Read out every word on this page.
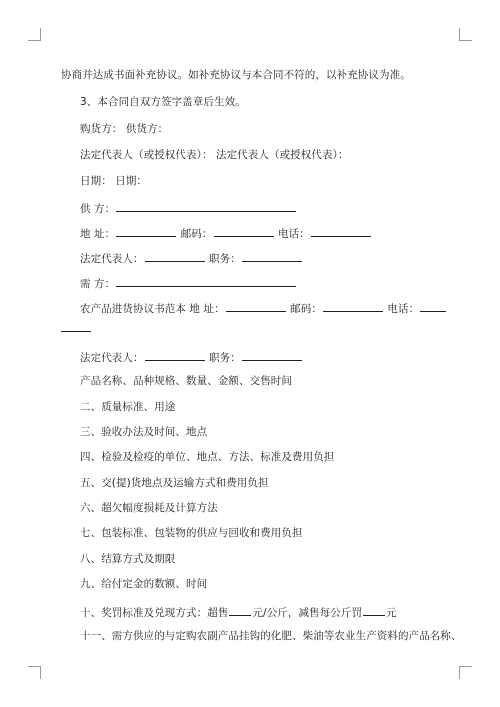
协商并达成书面补充协议。如补充协议与本合同不符的，以补充协议为准。
3、本合同自双方签字盖章后生效。
购货方： 供货方：
法定代表人（或授权代表）： 法定代表人（或授权代表）：
日期： 日期：
供 方：
地 址：	邮码：	电话：
法定代表人：	职务：
需 方：
农产品进货协议书范本 地 址：	邮码：	电话：
法定代表人：	职务：
产品名称、品种规格、数量、金额、交售时间
二、质量标准、用途
三、验收办法及时间、地点
四、检验及检疫的单位、地点、方法、标准及费用负担
五、交(提)货地点及运输方式和费用负担
六、超欠幅度损耗及计算方法
七、包装标准、包装物的供应与回收和费用负担
八、结算方式及期限
九、给付定金的数额、时间
十、奖罚标准及兑现方式：超售 元/公斤，减售每公斤罚 元
十一、需方供应的与定购农副产品挂钩的化肥、柴油等农业生产资料的产品名称、
